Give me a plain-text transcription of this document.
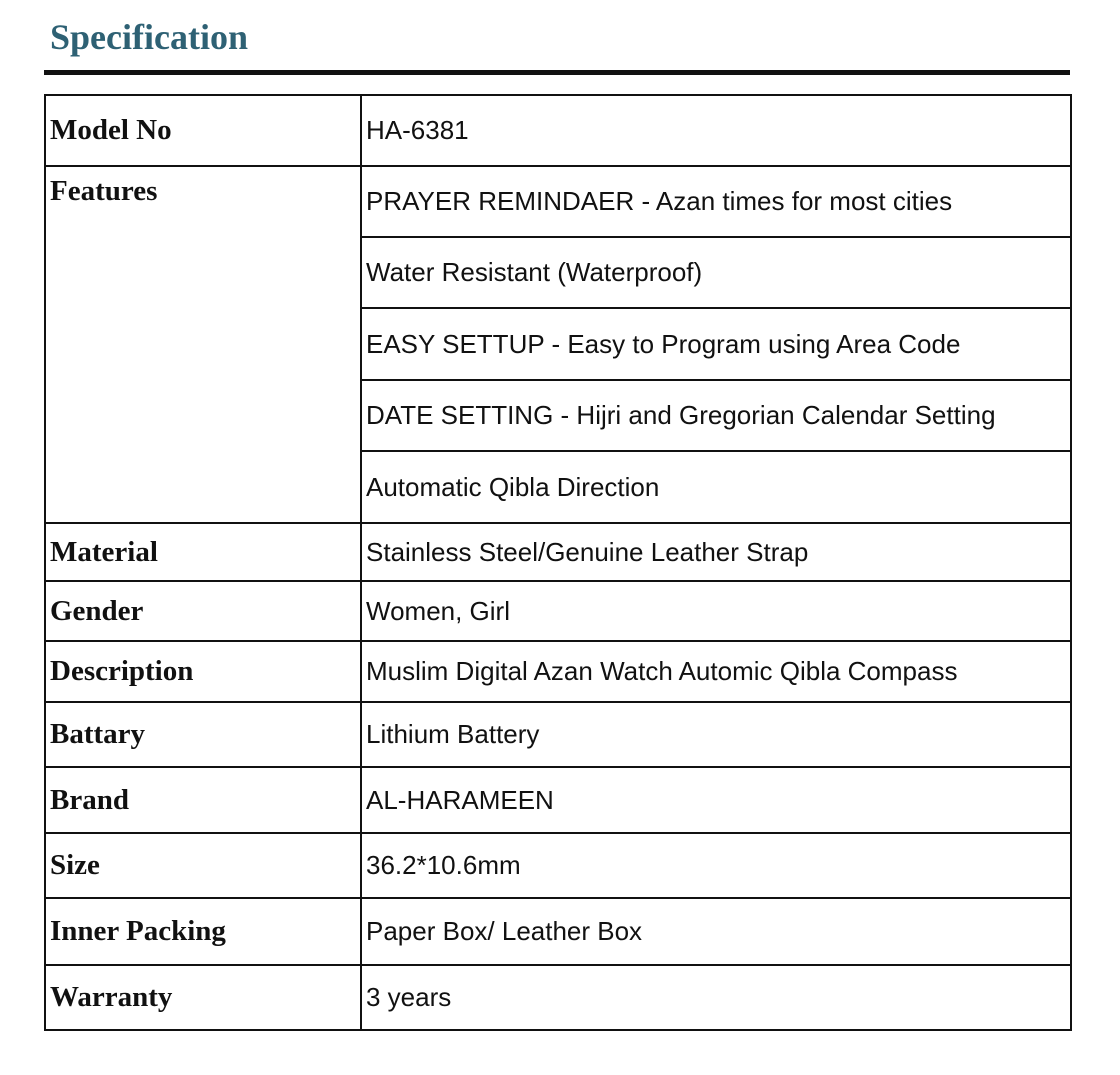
Specification
Model No	HA-6381
Features	PRAYER REMINDAER - Azan times for most cities
	Water Resistant (Waterproof)
	EASY SETTUP - Easy to Program using Area Code
	DATE SETTING - Hijri and Gregorian Calendar Setting
	Automatic Qibla Direction
Material	Stainless Steel/Genuine Leather Strap
Gender	Women, Girl
Description	Muslim Digital Azan Watch Automic Qibla Compass
Battary	Lithium Battery
Brand	AL-HARAMEEN
Size	36.2*10.6mm
Inner Packing	Paper Box/ Leather Box
Warranty	3 years
